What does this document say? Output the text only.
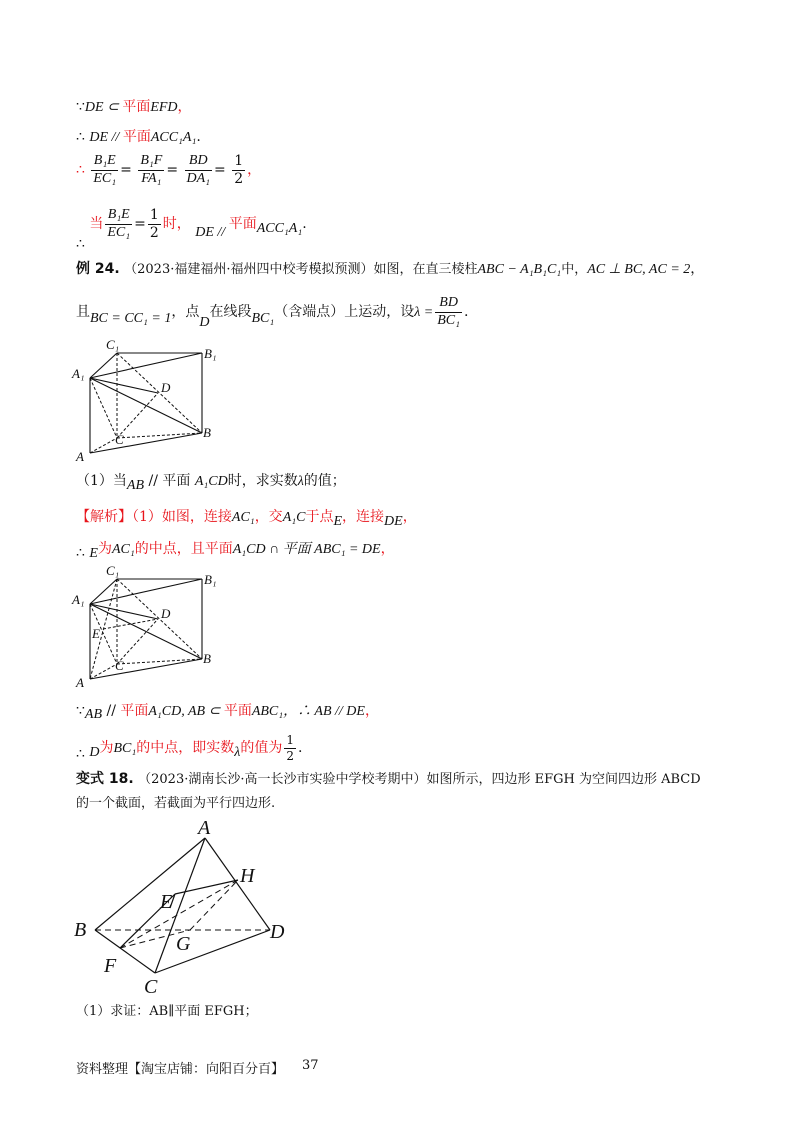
∵DE ⊂ 平面EFD，
∴ DE // 平面ACC₁A₁.
∴ $\frac{\text{B₁E}}{\text{EC₁}} = \frac{\text{B₁F}}{\text{FA₁}} = \frac{BD}{\text{DA₁}} = \frac{1}{2}$ ，
∴ 当 $\frac{\text{B₁E}}{\text{EC₁}} = \frac{1}{2}$ 时， DE // 平面ACC₁A₁.
例 24. （2023·福建福州·福州四中校考模拟预测）如图，在直三棱柱ABC − A₁B₁C₁中，AC ⊥ BC, AC = 2，
且BC = CC₁ = 1，点D在线段BC₁（含端点）上运动，设$\lambda = \frac{BD}{\text{BC₁}}$ .
C₁
B₁
A₁
D
C	B
A
（1）当AB // 平面 A₁CD时，求实数λ的值；
【解析】（1）如图，连接AC₁，交A₁C于点E，连接DE，
∴ E为AC₁的中点，且平面A₁CD ∩ 平面 ABC₁ = DE，
C₁
B₁
A₁
D
E
C	B
A
∵AB // 平面A₁CD, AB ⊂ 平面ABC₁，∴ AB // DE，
∴ D为BC₁的中点，即实数λ的值为 $\frac{1}{2}$ .
变式 18. （2023·湖南长沙·高一长沙市实验中学校考期中）如图所示，四边形 EFGH 为空间四边形 ABCD
的一个截面，若截面为平行四边形.
A
H
E
B
G
D
F
C
（1）求证：AB∥平面 EFGH；
资料整理【淘宝店铺：向阳百分百】 37
